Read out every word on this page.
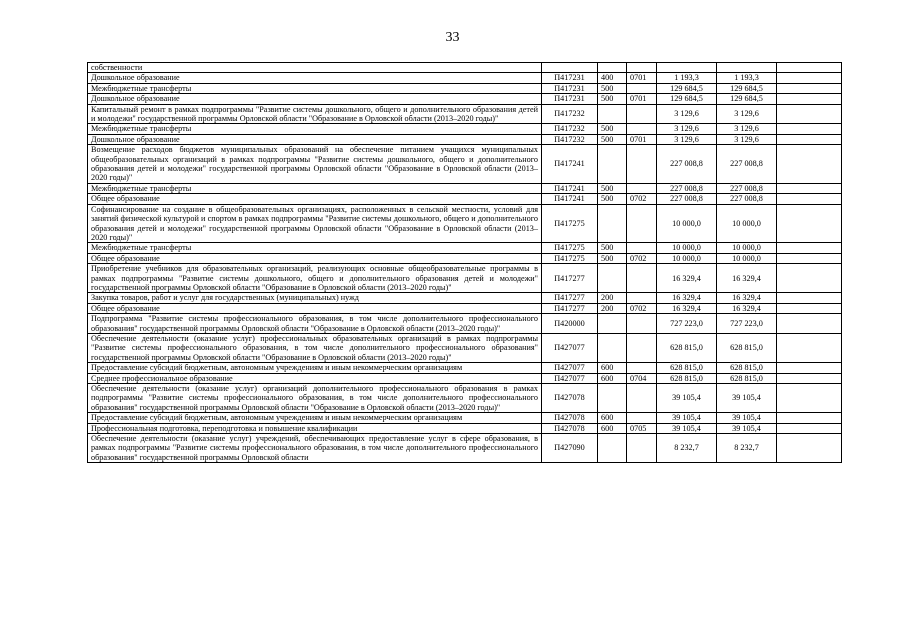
33
собственности						
Дошкольное образование	П417231	400	0701	1 193,3	1 193,3	
Межбюджетные трансферты	П417231	500		129 684,5	129 684,5	
Дошкольное образование	П417231	500	0701	129 684,5	129 684,5	
Капитальный ремонт в рамках подпрограммы "Развитие системы дошкольного, общего и дополнительного образования детей и молодежи" государственной программы Орловской области "Образование в Орловской области (2013–2020 годы)"	П417232			3 129,6	3 129,6	
Межбюджетные трансферты	П417232	500		3 129,6	3 129,6	
Дошкольное образование	П417232	500	0701	3 129,6	3 129,6	
Возмещение расходов бюджетов муниципальных образований на обеспечение питанием учащихся муниципальных общеобразовательных организаций в рамках подпрограммы "Развитие системы дошкольного, общего и дополнительного образования детей и молодежи" государственной программы Орловской области "Образование в Орловской области (2013–2020 годы)"	П417241			227 008,8	227 008,8	
Межбюджетные трансферты	П417241	500		227 008,8	227 008,8	
Общее образование	П417241	500	0702	227 008,8	227 008,8	
Софинансирование на создание в общеобразовательных организациях, расположенных в сельской местности, условий для занятий физической культурой и спортом в рамках подпрограммы "Развитие системы дошкольного, общего и дополнительного образования детей и молодежи" государственной программы Орловской области "Образование в Орловской области (2013–2020 годы)"	П417275			10 000,0	10 000,0	
Межбюджетные трансферты	П417275	500		10 000,0	10 000,0	
Общее образование	П417275	500	0702	10 000,0	10 000,0	
Приобретение учебников для образовательных организаций, реализующих основные общеобразовательные программы в рамках подпрограммы "Развитие системы дошкольного, общего и дополнительного образования детей и молодежи" государственной программы Орловской области "Образование в Орловской области (2013–2020 годы)"	П417277			16 329,4	16 329,4	
Закупка товаров, работ и услуг для государственных (муниципальных) нужд	П417277	200		16 329,4	16 329,4	
Общее образование	П417277	200	0702	16 329,4	16 329,4	
Подпрограмма "Развитие системы профессионального образования, в том числе дополнительного профессионального образования" государственной программы Орловской области "Образование в Орловской области (2013–2020 годы)"	П420000			727 223,0	727 223,0	
Обеспечение деятельности (оказание услуг) профессиональных образовательных организаций в рамках подпрограммы "Развитие системы профессионального образования, в том числе дополнительного профессионального образования" государственной программы Орловской области "Образование в Орловской области (2013–2020 годы)"	П427077			628 815,0	628 815,0	
Предоставление субсидий бюджетным, автономным учреждениям и иным некоммерческим организациям	П427077	600		628 815,0	628 815,0	
Среднее профессиональное образование	П427077	600	0704	628 815,0	628 815,0	
Обеспечение деятельности (оказание услуг) организаций дополнительного профессионального образования в рамках подпрограммы "Развитие системы профессионального образования, в том числе дополнительного профессионального образования" государственной программы Орловской области "Образование в Орловской области (2013–2020 годы)"	П427078			39 105,4	39 105,4	
Предоставление субсидий бюджетным, автономным учреждениям и иным некоммерческим организациям	П427078	600		39 105,4	39 105,4	
Профессиональная подготовка, переподготовка и повышение квалификации	П427078	600	0705	39 105,4	39 105,4	
Обеспечение деятельности (оказание услуг) учреждений, обеспечивающих предоставление услуг в сфере образования, в рамках подпрограммы "Развитие системы профессионального образования, в том числе дополнительного профессионального образования" государственной программы Орловской области	П427090			8 232,7	8 232,7	
